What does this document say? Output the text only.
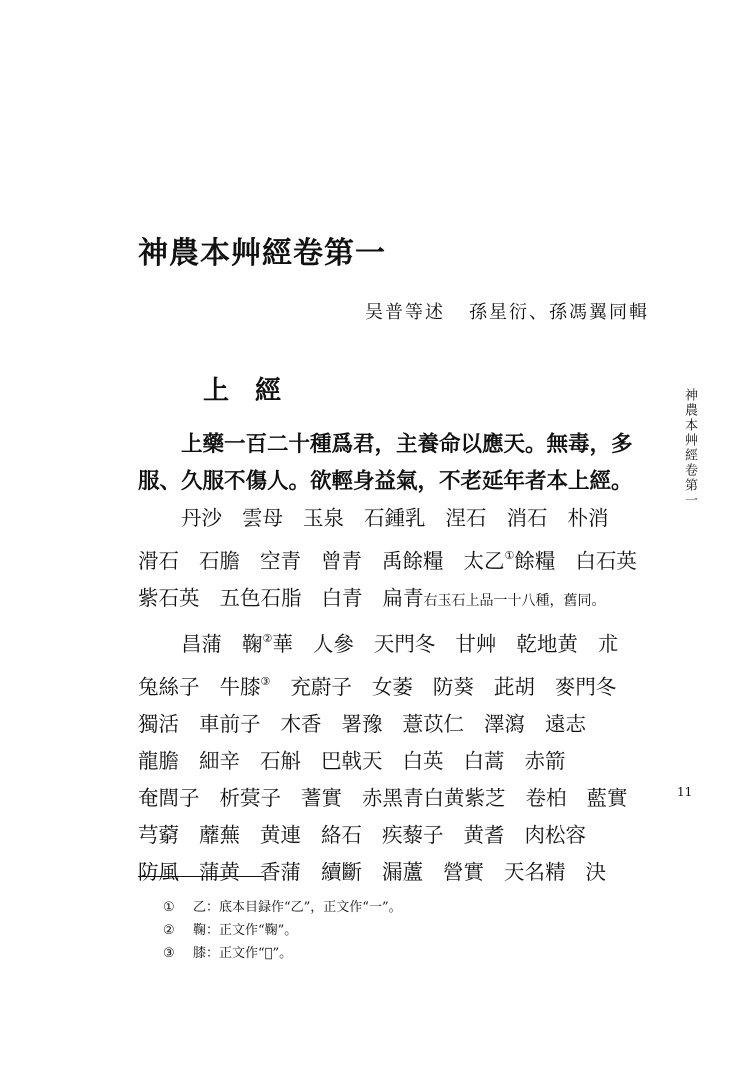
神農本艸經卷第一
吴普等述 孫星衍、孫馮翼同輯
上經

上藥一百二十種爲君，主養命以應天。無毒，多服、久服不傷人。欲輕身益氣，不老延年者本上經。

丹沙 雲母 玉泉 石鍾乳 涅石 消石 朴消滑石 石膽 空青 曾青 禹餘糧 太乙①餘糧 白石英紫石英 五色石脂 白青 扁青右玉石上品一十八種，舊同。

昌蒲 鞠②華 人參 天門冬 甘艸 乾地黄 朮兔絲子 牛膝③ 充蔚子 女萎 防葵 茈胡 麥門冬獨活 車前子 木香 署豫 薏苡仁 澤瀉 遠志龍膽 細辛 石斛 巴戟天 白英 白蒿 赤箭奄閭子 析蓂子 蓍實 赤黑青白黄紫芝 卷柏 藍實芎藭 蘼蕪 黄連 絡石 疾藜子 黄耆 肉松容防風 蒲黄 香蒲 續斷 漏蘆 營實 天名精 決

神農本艸經卷第一
11
① 乙：底本目録作“乙”，正文作“一”。
② 鞠：正文作“鞠”。
③ 膝：正文作“𦵔”。
